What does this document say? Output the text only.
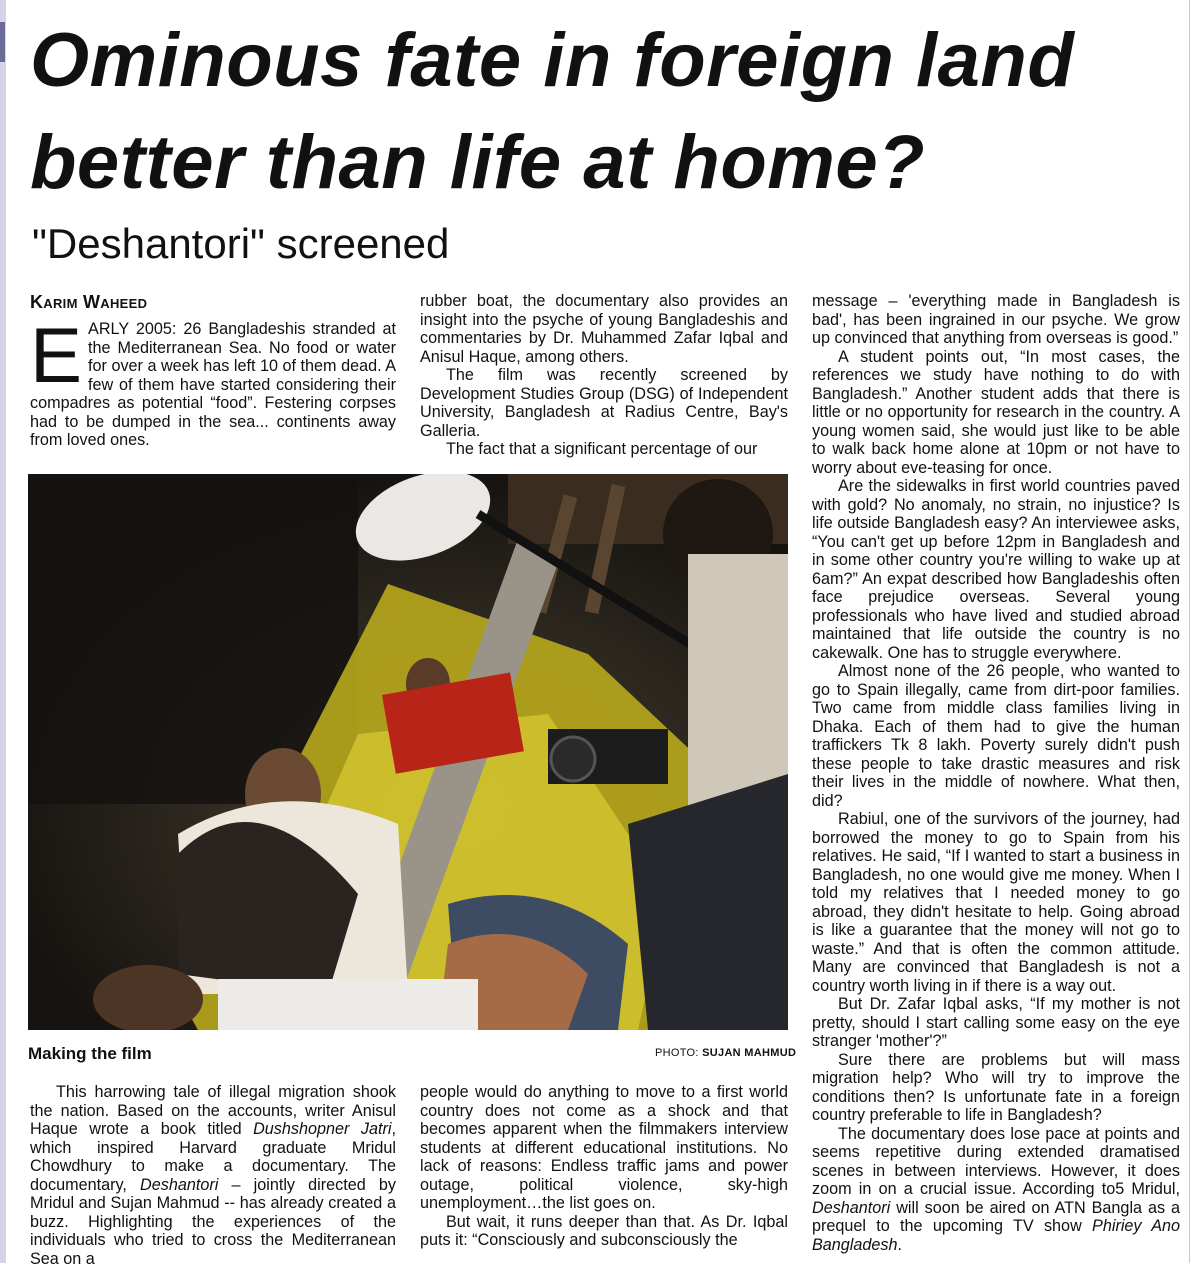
Ominous fate in foreign land better than life at home?
"Deshantori" screened
Karim Waheed

EARLY 2005: 26 Bangladeshis stranded at the Mediterranean Sea. No food or water for over a week has left 10 of them dead. A few of them have started considering their compadres as potential “food”. Festering corpses had to be dumped in the sea... continents away from loved ones.

rubber boat, the documentary also provides an insight into the psyche of young Bangladeshis and commentaries by Dr. Muhammed Zafar Iqbal and Anisul Haque, among others.

The film was recently screened by Development Studies Group (DSG) of Independent University, Bangladesh at Radius Centre, Bay's Galleria.

The fact that a significant percentage of our

Making the film	PHOTO: SUJAN MAHMUD

This harrowing tale of illegal migration shook the nation. Based on the accounts, writer Anisul Haque wrote a book titled Dushshopner Jatri, which inspired Harvard graduate Mridul Chowdhury to make a documentary. The documentary, Deshantori – jointly directed by Mridul and Sujan Mahmud -- has already created a buzz. Highlighting the experiences of the individuals who tried to cross the Mediterranean Sea on a

people would do anything to move to a first world country does not come as a shock and that becomes apparent when the filmmakers interview students at different educational institutions. No lack of reasons: Endless traffic jams and power outage, political violence, sky-high unemployment…the list goes on.

But wait, it runs deeper than that. As Dr. Iqbal puts it: “Consciously and subconsciously the

message – 'everything made in Bangladesh is bad', has been ingrained in our psyche. We grow up convinced that anything from overseas is good.”

A student points out, “In most cases, the references we study have nothing to do with Bangladesh.” Another student adds that there is little or no opportunity for research in the country. A young women said, she would just like to be able to walk back home alone at 10pm or not have to worry about eve-teasing for once.

Are the sidewalks in first world countries paved with gold? No anomaly, no strain, no injustice? Is life outside Bangladesh easy? An interviewee asks, “You can't get up before 12pm in Bangladesh and in some other country you're willing to wake up at 6am?” An expat described how Bangladeshis often face prejudice overseas. Several young professionals who have lived and studied abroad maintained that life outside the country is no cakewalk. One has to struggle everywhere.

Almost none of the 26 people, who wanted to go to Spain illegally, came from dirt-poor families. Two came from middle class families living in Dhaka. Each of them had to give the human traffickers Tk 8 lakh. Poverty surely didn't push these people to take drastic measures and risk their lives in the middle of nowhere. What then, did?

Rabiul, one of the survivors of the journey, had borrowed the money to go to Spain from his relatives. He said, “If I wanted to start a business in Bangladesh, no one would give me money. When I told my relatives that I needed money to go abroad, they didn't hesitate to help. Going abroad is like a guarantee that the money will not go to waste.” And that is often the common attitude. Many are convinced that Bangladesh is not a country worth living in if there is a way out.

But Dr. Zafar Iqbal asks, “If my mother is not pretty, should I start calling some easy on the eye stranger 'mother'?”

Sure there are problems but will mass migration help? Who will try to improve the conditions then? Is unfortunate fate in a foreign country preferable to life in Bangladesh?

The documentary does lose pace at points and seems repetitive during extended dramatised scenes in between interviews. However, it does zoom in on a crucial issue. According to5 Mridul, Deshantori will soon be aired on ATN Bangla as a prequel to the upcoming TV show Phiriey Ano Bangladesh.
